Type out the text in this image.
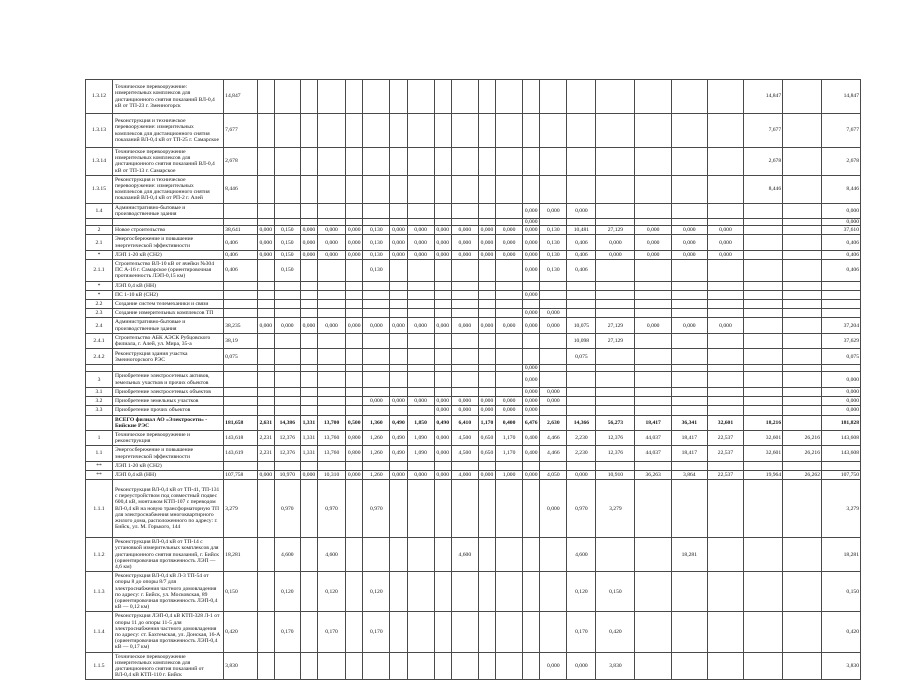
1.3.12	Техническое перевооружение: измерительных комплексов для дистанционного снятия показаний ВЛ-0,4 кВ от ТП-23 г. Змеиногорск	14,847																				14,847		14,847
1.3.13	Реконструкция и техническое перевооружение: измерительных комплексов для дистанционного снятия показаний ВЛ-0,4 кВ от ТП-25 г. Самарское	7,677																				7,677		7,677
1.3.14	Техническое перевооружение измерительных комплексов для дистанционного снятия показаний ВЛ-0,4 кВ от ТП-13 г. Самарское	2,678																				2,678		2,678
1.3.15	Реконструкция и техническое перевооружение: измерительных комплексов для дистанционного снятия показаний ВЛ-0,4 кВ от РП-2 г. Алей	8,446																				8,446		8,446
1.4	Административно-бытовые и производственные здания														0,000	0,000	0,000							0,000
															0,000									0,000
2	Новое строительство	38,641	0,000	0,150	0,000	0,000	0,000	0,130	0,000	0,000	0,000	0,000	0,000	0,000	0,000	0,130	10,481	27,129	0,000	0,000	0,000			37,610
2.1	Энергосбережение и повышение энергетической эффективности	0,406	0,000	0,150	0,000	0,000	0,000	0,130	0,000	0,000	0,000	0,000	0,000	0,000	0,000	0,130	0,406	0,000	0,000	0,000	0,000			0,406
*	ЛЭП 1-20 кВ (СН2)	0,406	0,000	0,150	0,000	0,000	0,000	0,130	0,000	0,000	0,000	0,000	0,000	0,000	0,000	0,130	0,406	0,000	0,000	0,000	0,000			0,406
2.1.1	Строительство ВЛ-10 кВ от ячейки №304 ПС А-16 г. Самарское (ориентировочная протяженность ЛЭП-0,15 км)	0,406		0,150				0,130							0,000	0,130	0,406							0,406
*	ЛЭП 0,4 кВ (НН)																							
*	ПС 1-10 кВ (СН2)														0,000									
2.2	Создание систем телемеханики и связи																							
2.3	Создание измерительных комплексов ТП														0,000	0,000								
2.4	Административно-бытовые и производственные здания	38,235	0,000	0,000	0,000	0,000	0,000	0,000	0,000	0,000	0,000	0,000	0,000	0,000	0,000	0,000	10,075	27,129	0,000	0,000	0,000			37,204
2.4.1	Строительство АБК АЭСК Рубцовского филиала, г. Алей, ул. Мира, 35-а	38,19															10,098	27,129						37,629
2.4.2	Реконструкция здания участка Змеиногорского РЭС	0,075															0,075							0,075
															0,000									
3	Приобретение электросетевых активов, земельных участков и прочих объектов														0,000									0,000
3.1	Приобретение электросетевых объектов														0,000	0,000								0,000
3.2	Приобретение земельных участков							0,000	0,000	0,000	0,000	0,000	0,000	0,000	0,000	0,000								0,000
3.3	Приобретение прочих объектов										0,000	0,000	0,000	0,000	0,000									0,000
	ВСЕГО филиал АО «Электросети» - Бийские РЭС	181,658	2,631	14,386	1,331	13,700	0,500	1,360	0,490	1,850	0,490	6,410	1,170	0,400	6,476	2,630	14,366	56,273	18,417	36,341	32,601	18,216		181,828
1	Техническое перевооружение и реконструкция	143,618	2,231	12,376	1,331	13,760	0,800	1,260	0,490	1,090	0,000	4,500	0,650	1,170	0,400	4,466	2,230	12,376	44,037	18,417	22,537	32,601	26,216	143,608
1.1	Энергосбережение и повышение энергетической эффективности	143,619	2,231	12,376	1,331	13,760	0,800	1,260	0,490	1,090	0,000	4,500	0,650	1,170	0,400	4,466	2,230	12,376	44,037	18,417	22,537	32,601	26,216	143,608
**	ЛЭП 1-20 кВ (СН2)																							
**	ЛЭП 0,4 кВ (НН)	107,758	0,000	10,970	0,000	10,310	0,000	1,260	0,000	0,000	0,000	4,000	0,000	1,000	0,000	4,050	0,000	10,910	36,263	3,864	22,537	19,964	26,262	107,750
1.1.1	Реконструкция ВЛ-0,4 кВ от ТП-41, ТП-131 с переустройством под совместный подвес 600,4 кВ, монтажом КТП-107 с переводом ВЛ-0,4 кВ на новую трансформаторную ТП для электроснабжения многоквартирного жилого дома, расположенного по адресу: г. Бийск, ул. М. Горького, 144	3,279		0,970		0,970		0,970								0,000	0,970	3,279						3,279
1.1.2	Реконструкция ВЛ-0,4 кВ от ТП-14 с установкой измерительных комплексов для дистанционного снятия показаний, г. Бийск (ориентировочная протяженность ЛЭП — 4,6 км)	18,281		4,600		4,600						4,600					4,600			18,281				18,281
1.1.3	Реконструкция ВЛ-0,4 кВ Л-3 ТП-54 от опоры 8 до опоры 8/7 для электроснабжения частного домовладения по адресу: г. Бийск, ул. Московская, 89 (ориентировочная протяженность ЛЭП-0,4 кВ — 0,12 км)	0,150		0,120		0,120		0,120									0,120	0,150						0,150
1.1.4	Реконструкция ЛЭП-0,4 кВ КТП-328 Л-1 от опоры 11 до опоры 11-5 для электроснабжения частного домовладения по адресу: ст. Бахтемская, ул. Донская, 16-А (ориентировочная протяженность ЛЭП-0,4 кВ — 0,17 км)	0,420		0,170		0,170		0,170									0,170	0,420						0,420
1.1.5	Техническое перевооружение измерительных комплексов для дистанционного снятия показаний от ВЛ-0,4 кВ КТП-110 г. Бийск	3,830														0,000	0,000	3,830						3,830
